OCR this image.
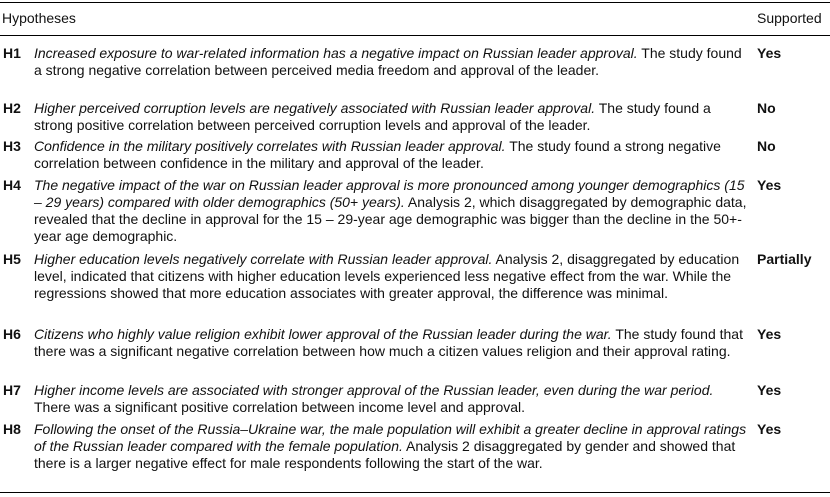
Hypotheses	Supported
H1 Increased exposure to war-related information has a negative impact on Russian leader approval. The study found a strong negative correlation between perceived media freedom and approval of the leader.

Yes
H2 Higher perceived corruption levels are negatively associated with Russian leader approval. The study found a strong positive correlation between perceived corruption levels and approval of the leader.

No
H3 Confidence in the military positively correlates with Russian leader approval. The study found a strong negative correlation between confidence in the military and approval of the leader.

No
H4 The negative impact of the war on Russian leader approval is more pronounced among younger demographics (15 – 29 years) compared with older demographics (50+ years). Analysis 2, which disaggregated by demographic data, revealed that the decline in approval for the 15 – 29-year age demographic was bigger than the decline in the 50+-year age demographic.

Yes
H5 Higher education levels negatively correlate with Russian leader approval. Analysis 2, disaggregated by education level, indicated that citizens with higher education levels experienced less negative effect from the war. While the regressions showed that more education associates with greater approval, the difference was minimal.

Partially
H6 Citizens who highly value religion exhibit lower approval of the Russian leader during the war. The study found that there was a significant negative correlation between how much a citizen values religion and their approval rating.

Yes
H7 Higher income levels are associated with stronger approval of the Russian leader, even during the war period. There was a significant positive correlation between income level and approval.

Yes
H8 Following the onset of the Russia–Ukraine war, the male population will exhibit a greater decline in approval ratings of the Russian leader compared with the female population. Analysis 2 disaggregated by gender and showed that there is a larger negative effect for male respondents following the start of the war.

Yes
